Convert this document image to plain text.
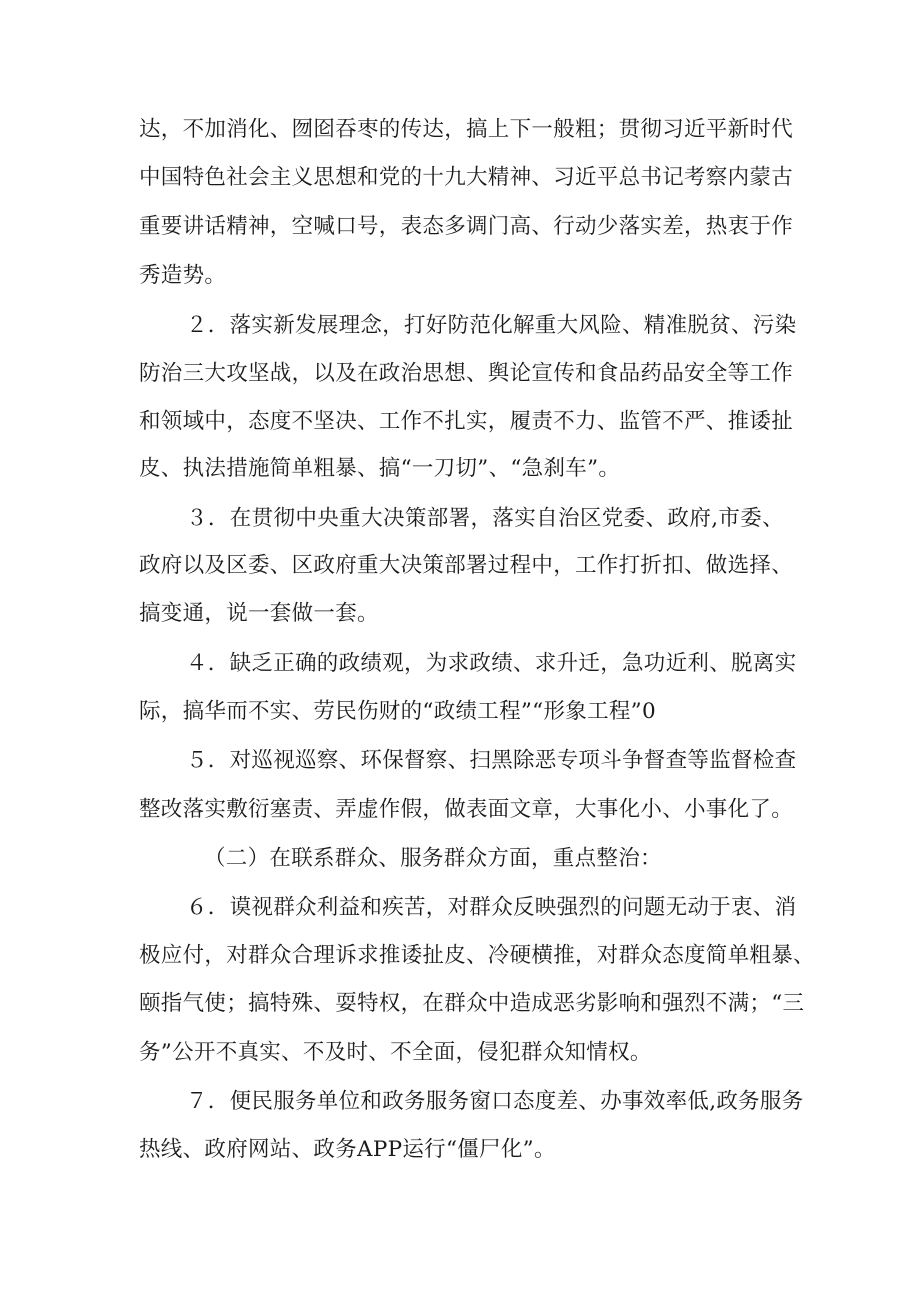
达，不加消化、囫囵吞枣的传达，搞上下一般粗；贯彻习近平新时代
中国特色社会主义思想和党的十九大精神、习近平总书记考察内蒙古
重要讲话精神，空喊口号，表态多调门高、行动少落实差，热衷于作
秀造势。
２．落实新发展理念，打好防范化解重大风险、精准脱贫、污染
防治三大攻坚战，以及在政治思想、舆论宣传和食品药品安全等工作
和领域中，态度不坚决、工作不扎实，履责不力、监管不严、推诿扯
皮、执法措施简单粗暴、搞“一刀切”、“急刹车”。
３．在贯彻中央重大决策部署，落实自治区党委、政府,市委、
政府以及区委、区政府重大决策部署过程中，工作打折扣、做选择、
搞变通，说一套做一套。
４．缺乏正确的政绩观，为求政绩、求升迁，急功近利、脱离实
际，搞华而不实、劳民伤财的“政绩工程”“形象工程”0
５．对巡视巡察、环保督察、扫黑除恶专项斗争督查等监督检查
整改落实敷衍塞责、弄虚作假，做表面文章，大事化小、小事化了。
（二）在联系群众、服务群众方面，重点整治：
６．谟视群众利益和疾苦，对群众反映强烈的问题无动于衷、消
极应付，对群众合理诉求推诿扯皮、冷硬横推，对群众态度简单粗暴、
颐指气使；搞特殊、耍特权，在群众中造成恶劣影响和强烈不满；“三
务”公开不真实、不及时、不全面，侵犯群众知情权。
７．便民服务单位和政务服务窗口态度差、办事效率低,政务服务
热线、政府网站、政务APP运行“僵尸化”。
